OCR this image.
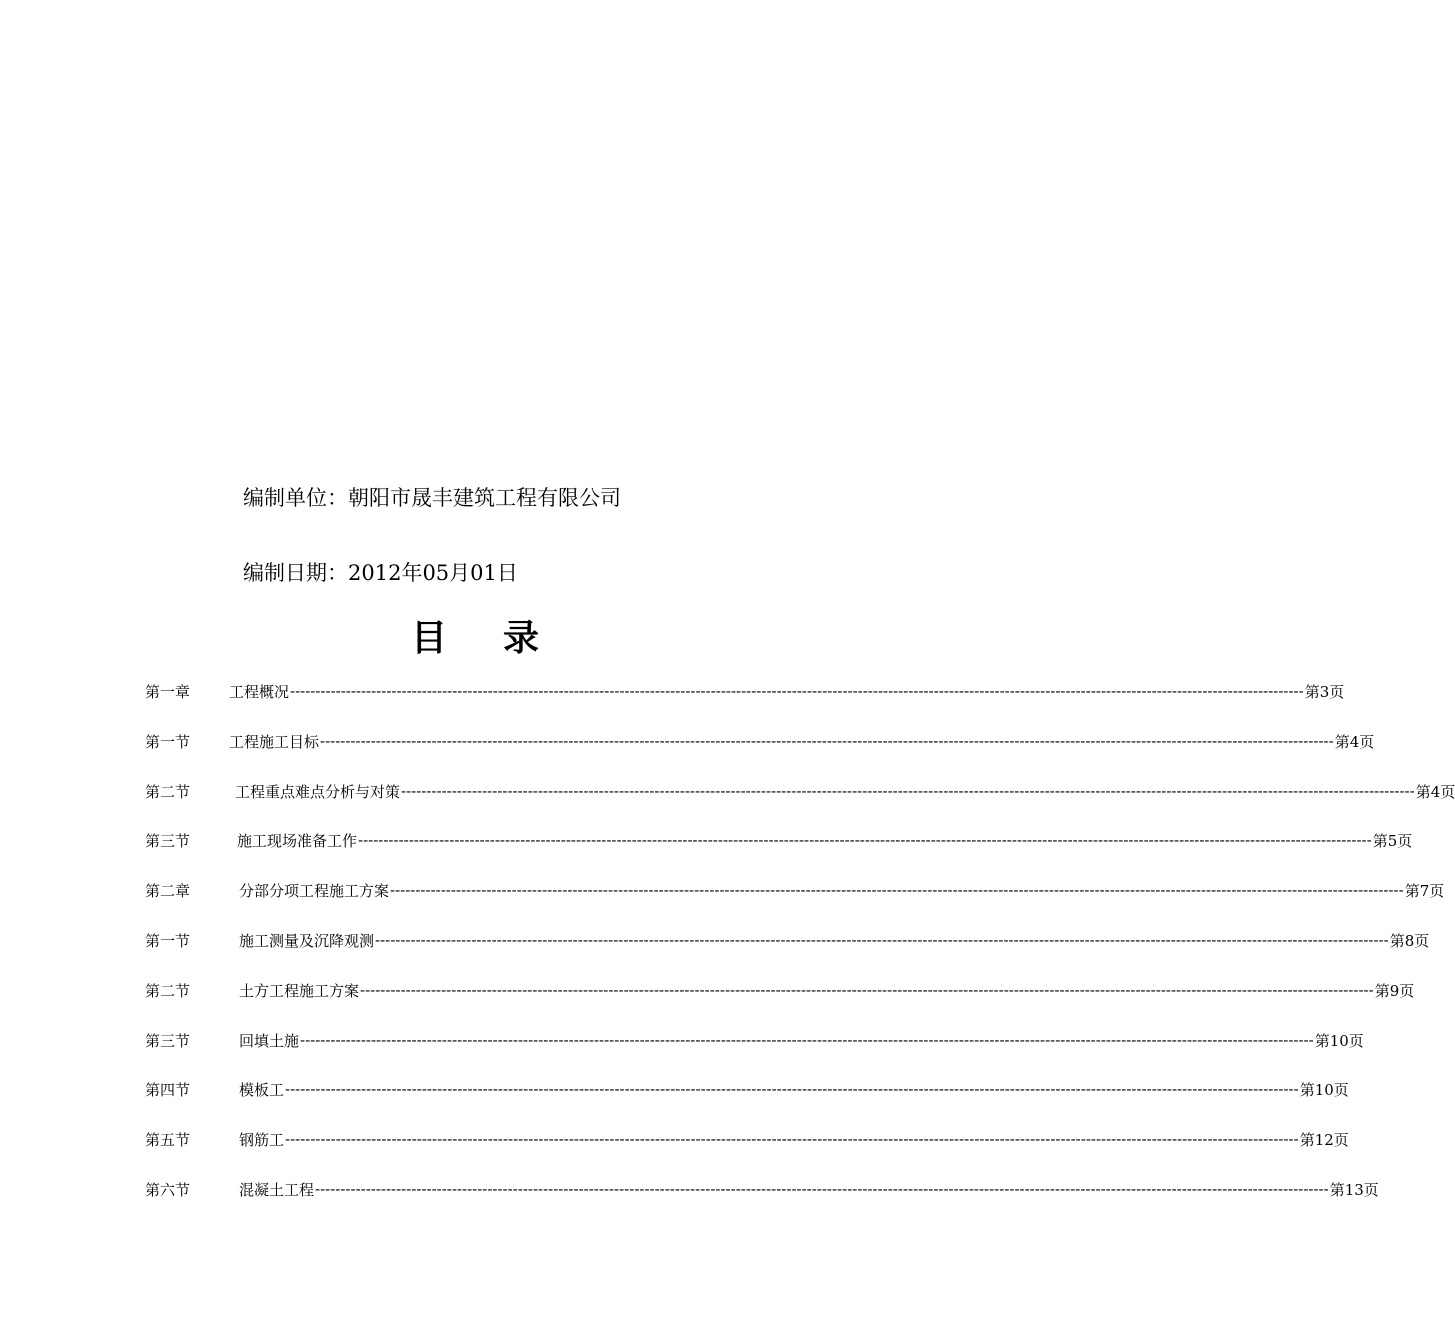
编制单位：朝阳市晟丰建筑工程有限公司
编制日期：2012年05月01日
目 录
第一章	工程概况 -------------------------------------------------------------------------------------------------------------------------------------------------------------------------------------------------------- 第3页
第一节	工程施工目标 -------------------------------------------------------------------------------------------------------------------------------------------------------------------------------------------------------- 第4页
第二节	工程重点难点分析与对策 -------------------------------------------------------------------------------------------------------------------------------------------------------------------------------------------------------- 第4页
第三节	施工现场准备工作 -------------------------------------------------------------------------------------------------------------------------------------------------------------------------------------------------------- 第5页
第二章	分部分项工程施工方案 -------------------------------------------------------------------------------------------------------------------------------------------------------------------------------------------------------- 第7页
第一节	施工测量及沉降观测 -------------------------------------------------------------------------------------------------------------------------------------------------------------------------------------------------------- 第8页
第二节	土方工程施工方案 -------------------------------------------------------------------------------------------------------------------------------------------------------------------------------------------------------- 第9页
第三节	回填土施 -------------------------------------------------------------------------------------------------------------------------------------------------------------------------------------------------------- 第10页
第四节	模板工 -------------------------------------------------------------------------------------------------------------------------------------------------------------------------------------------------------- 第10页
第五节	钢筋工 -------------------------------------------------------------------------------------------------------------------------------------------------------------------------------------------------------- 第12页
第六节	混凝土工程 -------------------------------------------------------------------------------------------------------------------------------------------------------------------------------------------------------- 第13页
